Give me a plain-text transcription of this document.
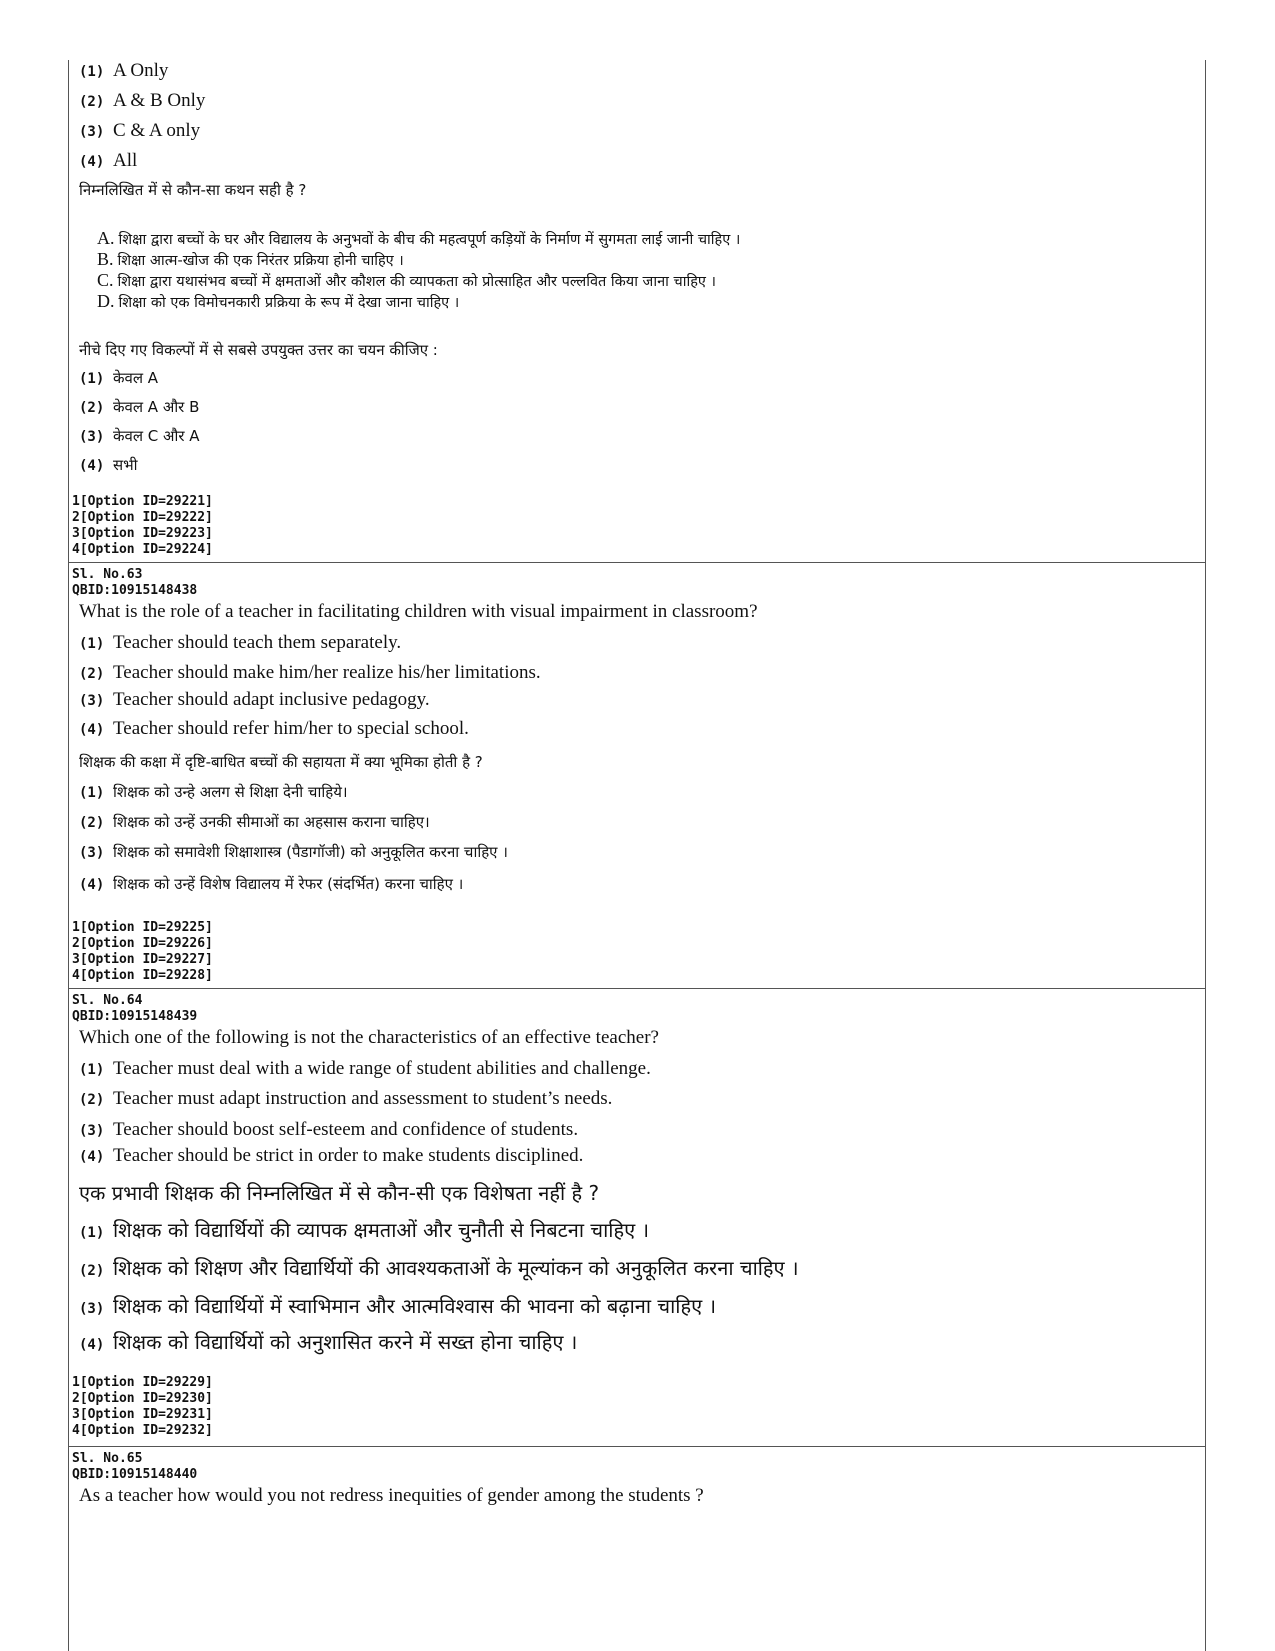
(1) A Only
(2) A & B Only
(3) C & A only
(4) All
निम्नलिखित में से कौन-सा कथन सही है ?
A. शिक्षा द्वारा बच्चों के घर और विद्यालय के अनुभवों के बीच की महत्वपूर्ण कड़ियों के निर्माण में सुगमता लाई जानी चाहिए ।
B. शिक्षा आत्म-खोज की एक निरंतर प्रक्रिया होनी चाहिए ।
C. शिक्षा द्वारा यथासंभव बच्चों में क्षमताओं और कौशल की व्यापकता को प्रोत्साहित और पल्लवित किया जाना चाहिए ।
D. शिक्षा को एक विमोचनकारी प्रक्रिया के रूप में देखा जाना चाहिए ।
नीचे दिए गए विकल्पों में से सबसे उपयुक्त उत्तर का चयन कीजिए :
(1) केवल A
(2) केवल A और B
(3) केवल C और A
(4) सभी
1[Option ID=29221]
2[Option ID=29222]
3[Option ID=29223]
4[Option ID=29224]
Sl. No.63
QBID:10915148438
What is the role of a teacher in facilitating children with visual impairment in classroom?
(1) Teacher should teach them separately.
(2) Teacher should make him/her realize his/her limitations.
(3) Teacher should adapt inclusive pedagogy.
(4) Teacher should refer him/her to special school.
शिक्षक की कक्षा में दृष्टि-बाधित बच्चों की सहायता में क्या भूमिका होती है ?
(1) शिक्षक को उन्हे अलग से शिक्षा देनी चाहिये।
(2) शिक्षक को उन्हें उनकी सीमाओं का अहसास कराना चाहिए।
(3) शिक्षक को समावेशी शिक्षाशास्त्र (पैडागॉजी) को अनुकूलित करना चाहिए ।
(4) शिक्षक को उन्हें विशेष विद्यालय में रेफर (संदर्भित) करना चाहिए ।
1[Option ID=29225]
2[Option ID=29226]
3[Option ID=29227]
4[Option ID=29228]
Sl. No.64
QBID:10915148439
Which one of the following is not the characteristics of an effective teacher?
(1) Teacher must deal with a wide range of student abilities and challenge.
(2) Teacher must adapt instruction and assessment to student’s needs.
(3) Teacher should boost self-esteem and confidence of students.
(4) Teacher should be strict in order to make students disciplined.
एक प्रभावी शिक्षक की निम्नलिखित में से कौन-सी एक विशेषता नहीं है ?
(1) शिक्षक को विद्यार्थियों की व्यापक क्षमताओं और चुनौती से निबटना चाहिए ।
(2) शिक्षक को शिक्षण और विद्यार्थियों की आवश्यकताओं के मूल्यांकन को अनुकूलित करना चाहिए ।
(3) शिक्षक को विद्यार्थियों में स्वाभिमान और आत्मविश्वास की भावना को बढ़ाना चाहिए ।
(4) शिक्षक को विद्यार्थियों को अनुशासित करने में सख्त होना चाहिए ।
1[Option ID=29229]
2[Option ID=29230]
3[Option ID=29231]
4[Option ID=29232]
Sl. No.65
QBID:10915148440
As a teacher how would you not redress inequities of gender among the students ?
